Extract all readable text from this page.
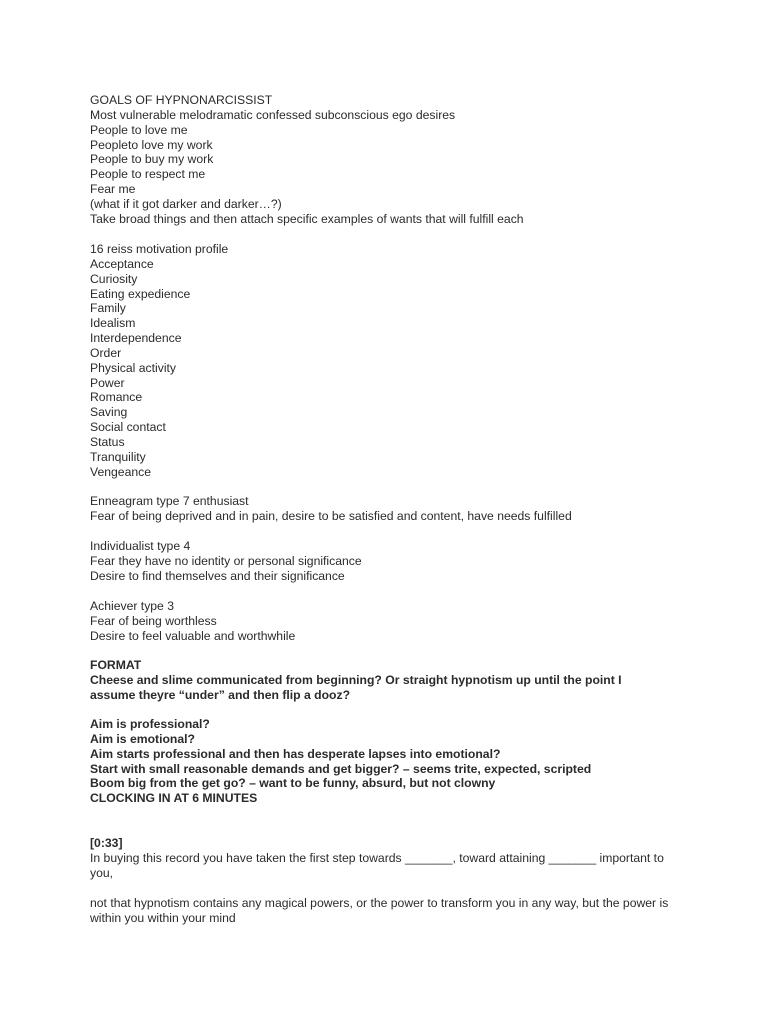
GOALS OF HYPNONARCISSIST
Most vulnerable melodramatic confessed subconscious ego desires
People to love me
Peopleto love my work
People to buy my work
People to respect me
Fear me
(what if it got darker and darker…?)
Take broad things and then attach specific examples of wants that will fulfill each
16 reiss motivation profile
Acceptance
Curiosity
Eating expedience
Family
Idealism
Interdependence
Order
Physical activity
Power
Romance
Saving
Social contact
Status
Tranquility
Vengeance
Enneagram type 7 enthusiast
Fear of being deprived and in pain, desire to be satisfied and content, have needs fulfilled
Individualist type 4
Fear they have no identity or personal significance
Desire to find themselves and their significance
Achiever type 3
Fear of being worthless
Desire to feel valuable and worthwhile
FORMAT
Cheese and slime communicated from beginning? Or straight hypnotism up until the point I
assume theyre “under” and then flip a dooz?
Aim is professional?
Aim is emotional?
Aim starts professional and then has desperate lapses into emotional?
Start with small reasonable demands and get bigger? – seems trite, expected, scripted
Boom big from the get go? – want to be funny, absurd, but not clowny
CLOCKING IN AT 6 MINUTES
[0:33]
In buying this record you have taken the first step towards _______, toward attaining _______ important to you,
not that hypnotism contains any magical powers, or the power to transform you in any way, but the power is within you within your mind
